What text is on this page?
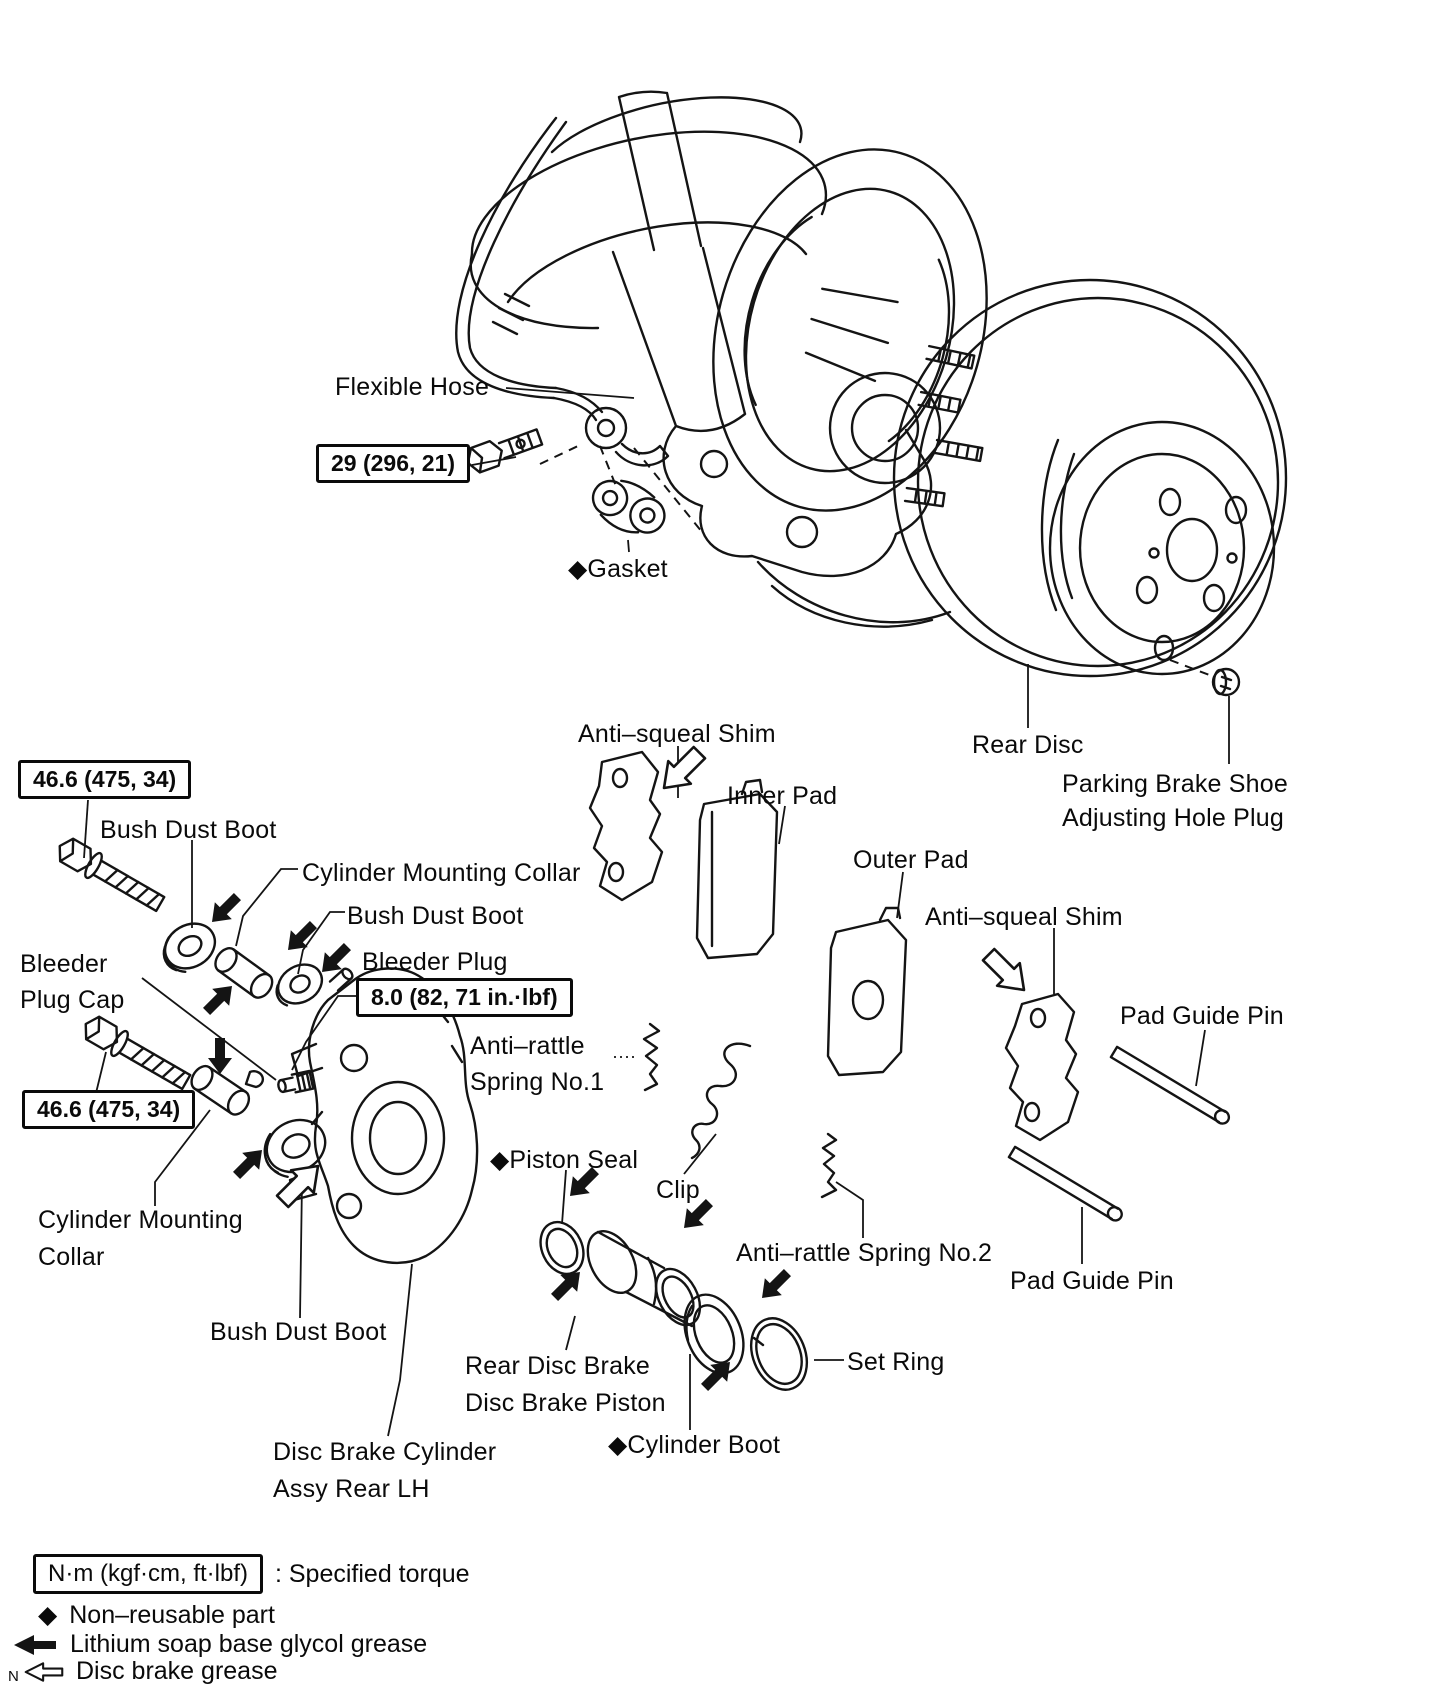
Flexible Hose
29 (296, 21)
◆Gasket
Rear Disc
Parking Brake Shoe
Adjusting Hole Plug
Anti–squeal Shim
Inner Pad
Outer Pad
Anti–squeal Shim
Pad Guide Pin
Pad Guide Pin
46.6 (475, 34)
Bush Dust Boot
Cylinder Mounting Collar
Bush Dust Boot
Bleeder
Plug Cap
Bleeder Plug
8.0 (82, 71 in.·lbf)
46.6 (475, 34)
Anti–rattle
Spring No.1
◆Piston Seal
Clip
Cylinder Mounting
Collar
Bush Dust Boot
Anti–rattle Spring No.2
Set Ring
Rear Disc Brake
Disc Brake Piston
◆Cylinder Boot
Disc Brake Cylinder
Assy Rear LH
N·m (kgf·cm, ft·lbf)	: Specified torque
◆ Non–reusable part
Lithium soap base glycol grease
Disc brake grease
N
